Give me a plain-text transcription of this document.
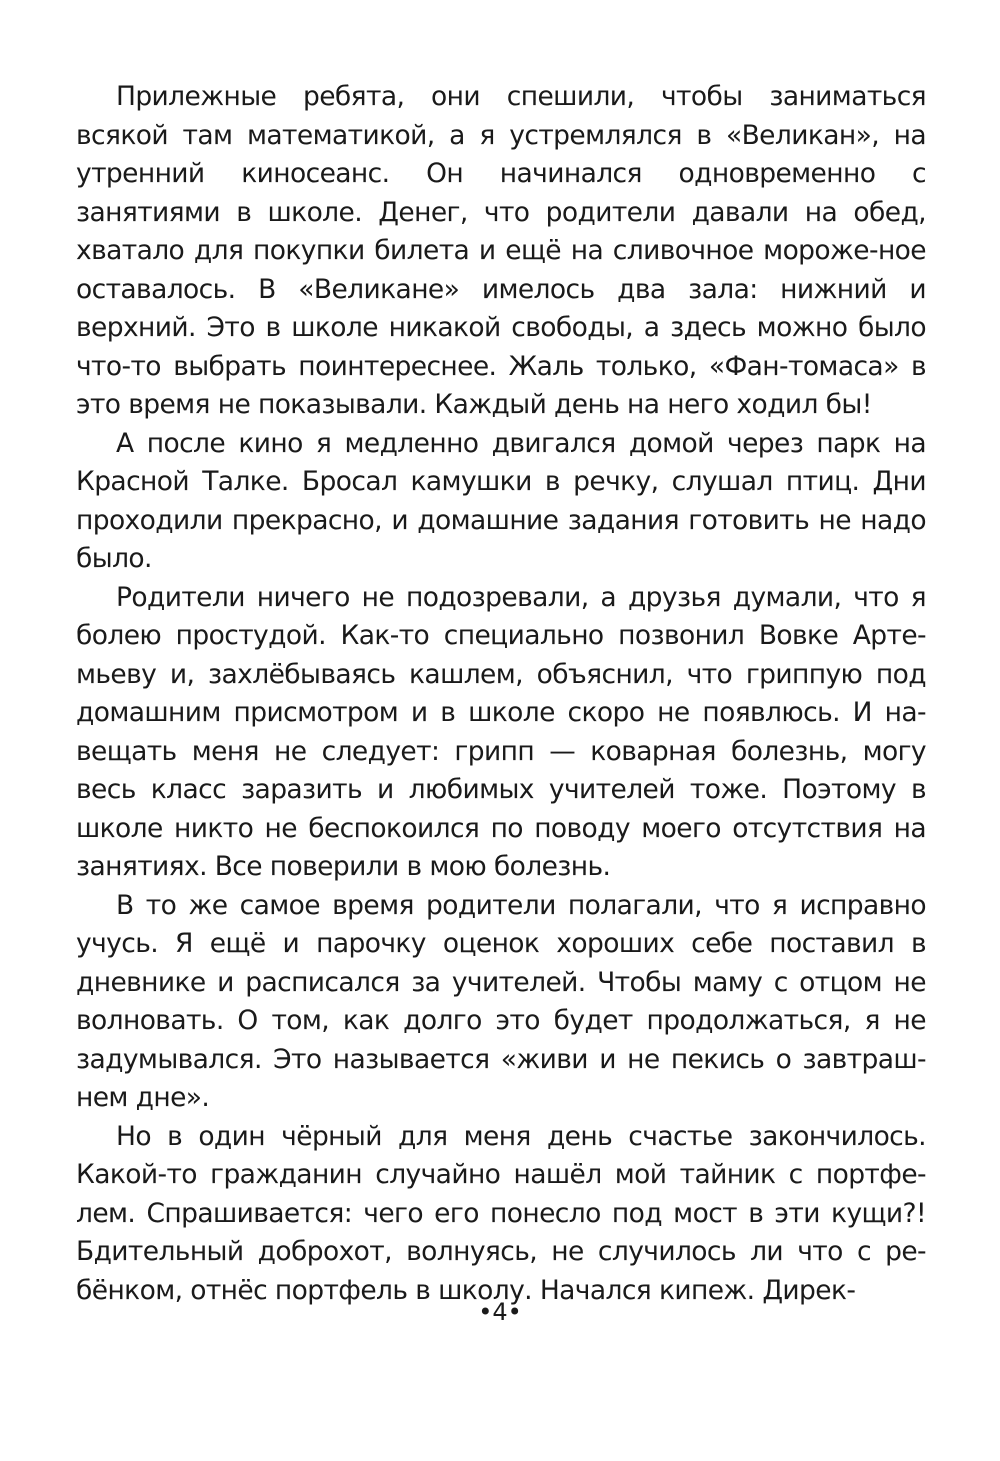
Прилежные ребята, они спешили, чтобы заниматься всякой там математикой, а я устремлялся в «Великан», на утренний киносеанс. Он начинался одновременно с занятиями в школе. Денег, что родители давали на обед, хватало для покупки билета и ещё на сливочное мороже-ное оставалось. В «Великане» имелось два зала: нижний и верхний. Это в школе никакой свободы, а здесь можно было что-то выбрать поинтереснее. Жаль только, «Фан-томаса» в это время не показывали. Каждый день на него ходил бы!

А после кино я медленно двигался домой через парк на Красной Талке. Бросал камушки в речку, слушал птиц. Дни проходили прекрасно, и домашние задания готовить не надо было.

Родители ничего не подозревали, а друзья думали, что я болею простудой. Как-то специально позвонил Вовке Арте-мьеву и, захлёбываясь кашлем, объяснил, что гриппую под домашним присмотром и в школе скоро не появлюсь. И на-вещать меня не следует: грипп — коварная болезнь, могу весь класс заразить и любимых учителей тоже. Поэтому в школе никто не беспокоился по поводу моего отсутствия на занятиях. Все поверили в мою болезнь.

В то же самое время родители полагали, что я исправно учусь. Я ещё и парочку оценок хороших себе поставил в дневнике и расписался за учителей. Чтобы маму с отцом не волновать. О том, как долго это будет продолжаться, я не задумывался. Это называется «живи и не пекись о завтраш-нем дне».

Но в один чёрный для меня день счастье закончилось. Какой-то гражданин случайно нашёл мой тайник с портфе-лем. Спрашивается: чего его понесло под мост в эти кущи?! Бдительный доброхот, волнуясь, не случилось ли что с ре-бёнком, отнёс портфель в школу. Начался кипеж. Дирек-

•4•
